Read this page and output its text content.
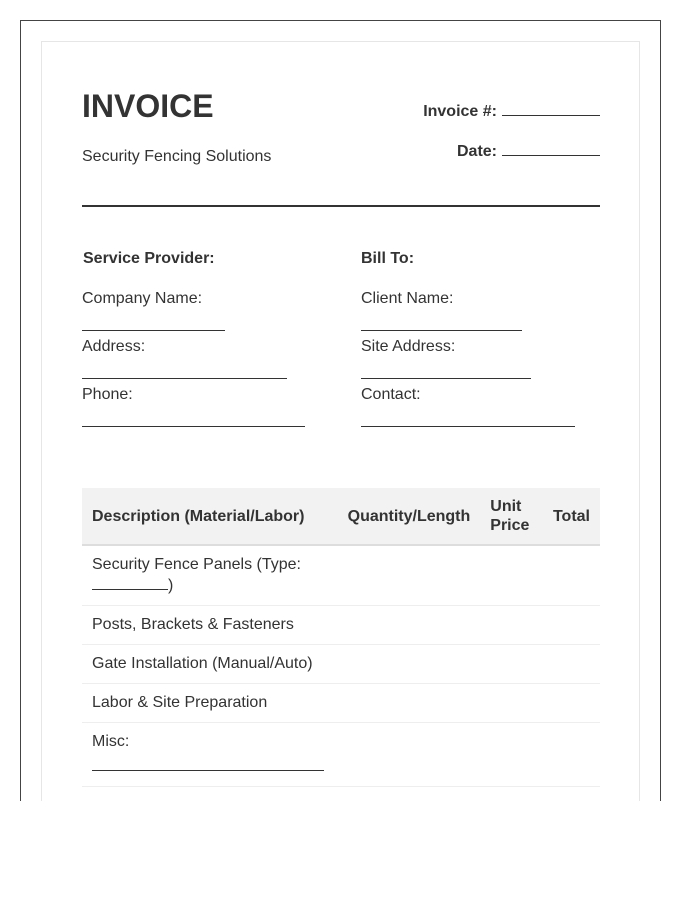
INVOICE
Security Fencing Solutions
Invoice #:
Date:
Service Provider:
Company Name:
Address:
Phone:
Bill To:
Client Name:
Site Address:
Contact:
Description (Material/Labor)	Quantity/Length	Unit Price	Total
Security Fence Panels (Type:
)			
Posts, Brackets & Fasteners			
Gate Installation (Manual/Auto)			
Labor & Site Preparation			
Misc:
